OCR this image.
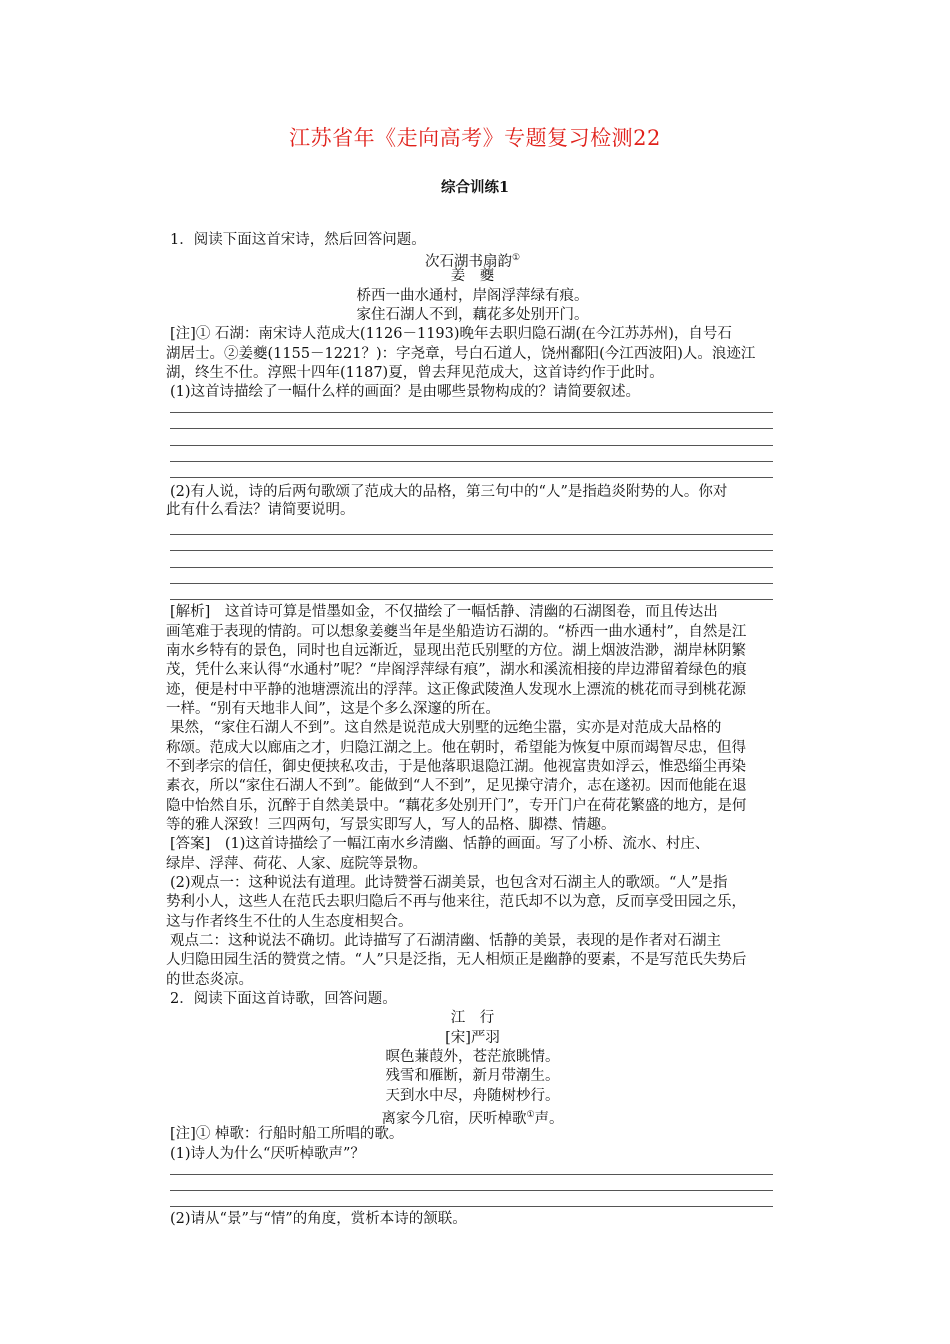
江苏省年《走向高考》专题复习检测22
综合训练1
1．阅读下面这首宋诗，然后回答问题。
次石湖书扇韵①
姜　夔
桥西一曲水通村，岸阁浮萍绿有痕。
家住石湖人不到，藕花多处别开门。
[注]① 石湖：南宋诗人范成大(1126－1193)晚年去职归隐石湖(在今江苏苏州)，自号石
湖居士。②姜夔(1155－1221？)：字尧章，号白石道人，饶州鄱阳(今江西波阳)人。浪迹江
湖，终生不仕。淳熙十四年(1187)夏，曾去拜见范成大，这首诗约作于此时。
(1)这首诗描绘了一幅什么样的画面？是由哪些景物构成的？请简要叙述。
(2)有人说，诗的后两句歌颂了范成大的品格，第三句中的“人”是指趋炎附势的人。你对
此有什么看法？请简要说明。
[解析]　这首诗可算是惜墨如金，不仅描绘了一幅恬静、清幽的石湖图卷，而且传达出
画笔难于表现的情韵。可以想象姜夔当年是坐船造访石湖的。“桥西一曲水通村”，自然是江
南水乡特有的景色，同时也自远渐近，显现出范氏别墅的方位。湖上烟波浩渺，湖岸林阴繁
茂，凭什么来认得“水通村”呢？“岸阁浮萍绿有痕”，湖水和溪流相接的岸边滞留着绿色的痕
迹，便是村中平静的池塘漂流出的浮萍。这正像武陵渔人发现水上漂流的桃花而寻到桃花源
一样。“别有天地非人间”，这是个多么深邃的所在。
果然，“家住石湖人不到”。这自然是说范成大别墅的远绝尘嚣，实亦是对范成大品格的
称颂。范成大以廊庙之才，归隐江湖之上。他在朝时，希望能为恢复中原而竭智尽忠，但得
不到孝宗的信任，御史便挟私攻击，于是他落职退隐江湖。他视富贵如浮云，惟恐缁尘再染
素衣，所以“家住石湖人不到”。能做到“人不到”，足见操守清介，志在遂初。因而他能在退
隐中怡然自乐，沉醉于自然美景中。“藕花多处别开门”，专开门户在荷花繁盛的地方，是何
等的雅人深致！三四两句，写景实即写人，写人的品格、脚襟、情趣。
[答案]　(1)这首诗描绘了一幅江南水乡清幽、恬静的画面。写了小桥、流水、村庄、
绿岸、浮萍、荷花、人家、庭院等景物。
(2)观点一：这种说法有道理。此诗赞誉石湖美景，也包含对石湖主人的歌颂。“人”是指
势利小人，这些人在范氏去职归隐后不再与他来往，范氏却不以为意，反而享受田园之乐，
这与作者终生不仕的人生态度相契合。
观点二：这种说法不确切。此诗描写了石湖清幽、恬静的美景，表现的是作者对石湖主
人归隐田园生活的赞赏之情。“人”只是泛指，无人相烦正是幽静的要素，不是写范氏失势后
的世态炎凉。
2．阅读下面这首诗歌，回答问题。
江　行
[宋]严羽
暝色蒹葭外，苍茫旅眺情。
残雪和雁断，新月带潮生。
天到水中尽，舟随树杪行。
离家今几宿，厌听棹歌①声。
[注]① 棹歌：行船时船工所唱的歌。
(1)诗人为什么“厌听棹歌声”？
(2)请从“景”与“情”的角度，赏析本诗的颔联。
